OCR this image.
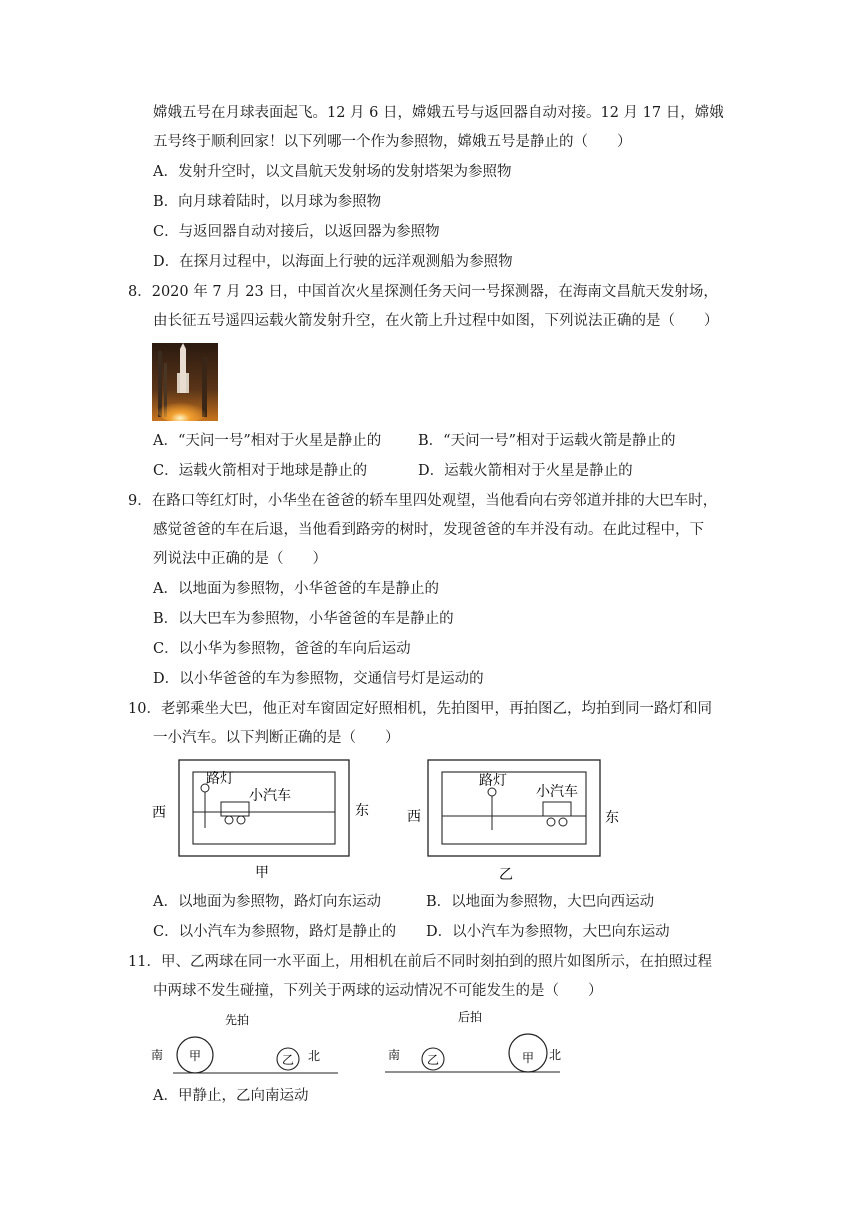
嫦娥五号在月球表面起飞。12 月 6 日，嫦娥五号与返回器自动对接。12 月 17 日，嫦娥
五号终于顺利回家！以下列哪一个作为参照物，嫦娥五号是静止的（　　）
A．发射升空时，以文昌航天发射场的发射塔架为参照物
B．向月球着陆时，以月球为参照物
C．与返回器自动对接后，以返回器为参照物
D．在探月过程中，以海面上行驶的远洋观测船为参照物
8．2020 年 7 月 23 日，中国首次火星探测任务天问一号探测器，在海南文昌航天发射场，
由长征五号遥四运载火箭发射升空，在火箭上升过程中如图，下列说法正确的是（　　）
A．“天问一号”相对于火星是静止的	B．“天问一号”相对于运载火箭是静止的
C．运载火箭相对于地球是静止的	D．运载火箭相对于火星是静止的
9．在路口等红灯时，小华坐在爸爸的轿车里四处观望，当他看向右旁邻道并排的大巴车时，
感觉爸爸的车在后退，当他看到路旁的树时，发现爸爸的车并没有动。在此过程中，下
列说法中正确的是（　　）
A．以地面为参照物，小华爸爸的车是静止的
B．以大巴车为参照物，小华爸爸的车是静止的
C．以小华为参照物，爸爸的车向后运动
D．以小华爸爸的车为参照物，交通信号灯是运动的
10．老郭乘坐大巴，他正对车窗固定好照相机，先拍图甲，再拍图乙，均拍到同一路灯和同
一小汽车。以下判断正确的是（　　）
路灯
小汽车
西	东
甲
路灯
小汽车
西	东
乙
A．以地面为参照物，路灯向东运动	B．以地面为参照物，大巴向西运动
C．以小汽车为参照物，路灯是静止的 D．以小汽车为参照物，大巴向东运动
11．甲、乙两球在同一水平面上，用相机在前后不同时刻拍到的照片如图所示，在拍照过程
中两球不发生碰撞，下列关于两球的运动情况不可能发生的是（　　）
先拍
南 甲	乙 北
后拍
南 乙	甲 北
A．甲静止，乙向南运动
